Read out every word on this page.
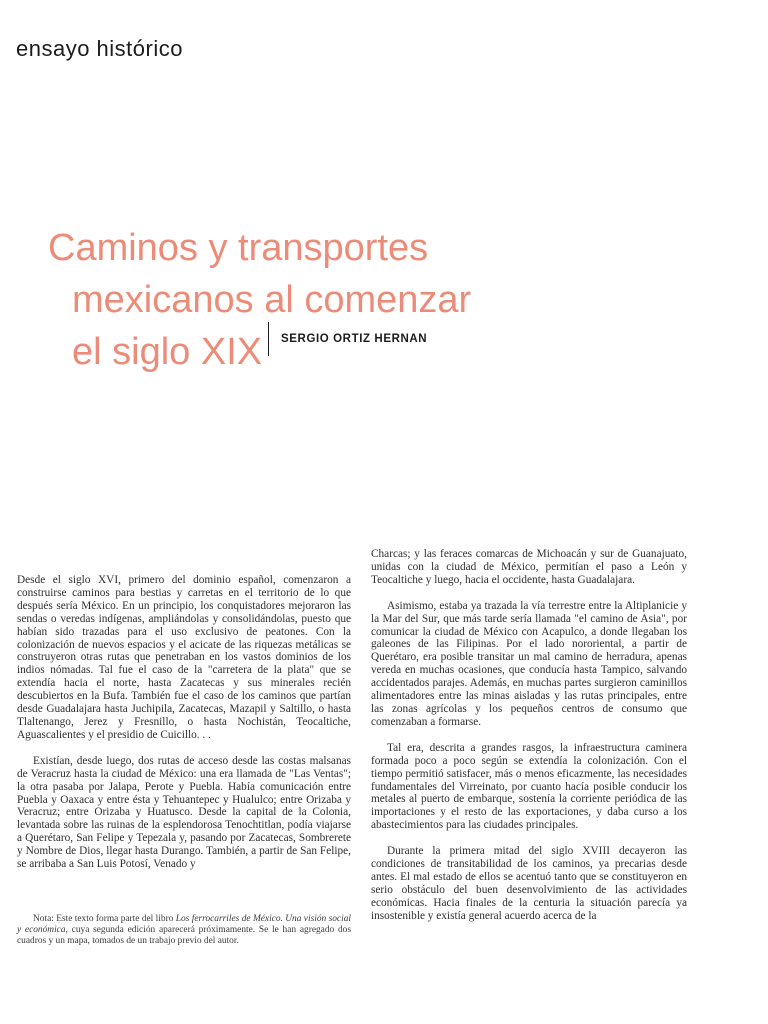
ensayo histórico
Caminos y transportes
mexicanos al comenzar
el siglo XIX	SERGIO ORTIZ HERNAN

Desde el siglo XVI, primero del dominio español, comenzaron a construirse caminos para bestias y carretas en el territorio de lo que después sería México. En un principio, los conquistadores mejoraron las sendas o veredas indígenas, ampliándolas y consolidándolas, puesto que habían sido trazadas para el uso exclusivo de peatones. Con la colonización de nuevos espacios y el acicate de las riquezas metálicas se construyeron otras rutas que penetraban en los vastos dominios de los indios nómadas. Tal fue el caso de la "carretera de la plata" que se extendía hacia el norte, hasta Zacatecas y sus minerales recién descubiertos en la Bufa. También fue el caso de los caminos que partían desde Guadalajara hasta Juchipila, Zacatecas, Mazapil y Saltillo, o hasta Tlaltenango, Jerez y Fresnillo, o hasta Nochistán, Teocaltiche, Aguascalientes y el presidio de Cuicillo. . .

Existían, desde luego, dos rutas de acceso desde las costas malsanas de Veracruz hasta la ciudad de México: una era llamada de "Las Ventas"; la otra pasaba por Jalapa, Perote y Puebla. Había comunicación entre Puebla y Oaxaca y entre ésta y Tehuantepec y Hualulco; entre Orizaba y Veracruz; entre Orizaba y Huatusco. Desde la capital de la Colonia, levantada sobre las ruinas de la esplendorosa Tenochtitlan, podía viajarse a Querétaro, San Felipe y Tepezala y, pasando por Zacatecas, Sombrerete y Nombre de Dios, llegar hasta Durango. También, a partir de San Felipe, se arribaba a San Luis Potosí, Venado y

Charcas; y las feraces comarcas de Michoacán y sur de Guanajuato, unidas con la ciudad de México, permitían el paso a León y Teocaltiche y luego, hacia el occidente, hasta Guadalajara.

Asimismo, estaba ya trazada la vía terrestre entre la Altiplanicie y la Mar del Sur, que más tarde sería llamada "el camino de Asia", por comunicar la ciudad de México con Acapulco, a donde llegaban los galeones de las Filipinas. Por el lado nororiental, a partir de Querétaro, era posible transitar un mal camino de herradura, apenas vereda en muchas ocasiones, que conducía hasta Tampico, salvando accidentados parajes. Además, en muchas partes surgieron caminillos alimentadores entre las minas aisladas y las rutas principales, entre las zonas agrícolas y los pequeños centros de consumo que comenzaban a formarse.

Tal era, descrita a grandes rasgos, la infraestructura caminera formada poco a poco según se extendía la colonización. Con el tiempo permitió satisfacer, más o menos eficazmente, las necesidades fundamentales del Virreinato, por cuanto hacía posible conducir los metales al puerto de embarque, sostenía la corriente periódica de las importaciones y el resto de las exportaciones, y daba curso a los abastecimientos para las ciudades principales.

Durante la primera mitad del siglo XVIII decayeron las condiciones de transitabilidad de los caminos, ya precarias desde antes. El mal estado de ellos se acentuó tanto que se constituyeron en serio obstáculo del buen desenvolvimiento de las actividades económicas. Hacia finales de la centuria la situación parecía ya insostenible y existía general acuerdo acerca de la

Nota: Este texto forma parte del libro Los ferrocarriles de México. Una visión social y económica, cuya segunda edición aparecerá próximamente. Se le han agregado dos cuadros y un mapa, tomados de un trabajo previo del autor.
